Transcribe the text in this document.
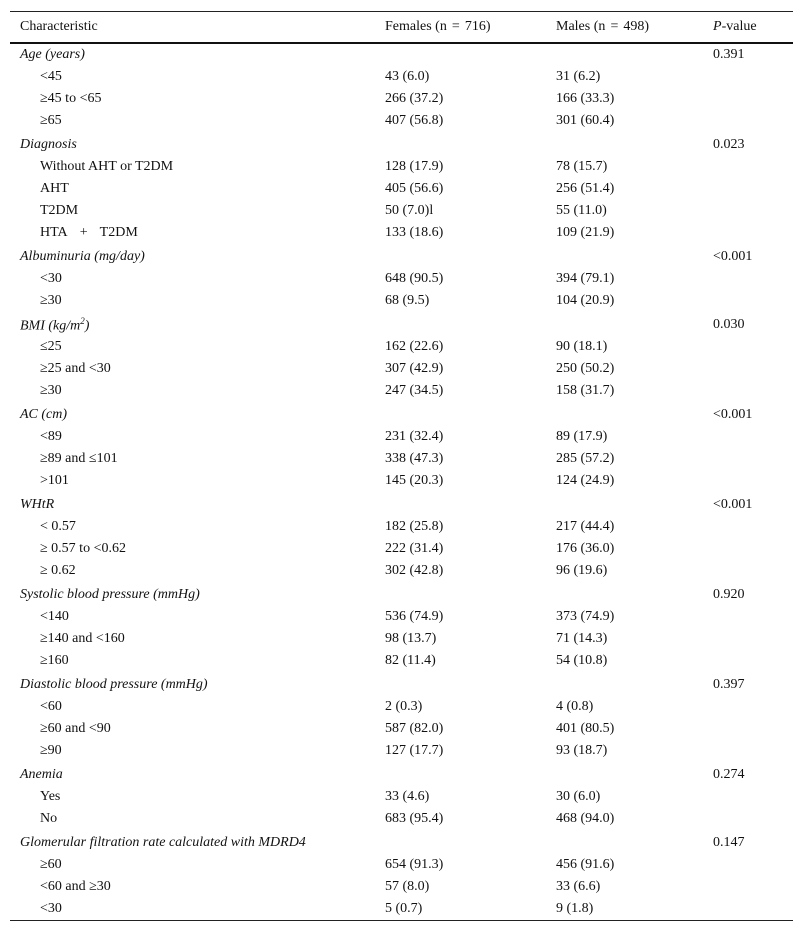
Characteristic	Females (n = 716)	Males (n = 498)	P-value
Age (years)			0.391
<45	43 (6.0)	31 (6.2)	
≥45 to <65	266 (37.2)	166 (33.3)	
≥65	407 (56.8)	301 (60.4)	
Diagnosis			0.023
Without AHT or T2DM	128 (17.9)	78 (15.7)	
AHT	405 (56.6)	256 (51.4)	
T2DM	50 (7.0)l	55 (11.0)	
HTA + T2DM	133 (18.6)	109 (21.9)	
Albuminuria (mg/day)			<0.001
<30	648 (90.5)	394 (79.1)	
≥30	68 (9.5)	104 (20.9)	
BMI $(kg/m^2)$			0.030
≤25	162 (22.6)	90 (18.1)	
≥25 and <30	307 (42.9)	250 (50.2)	
≥30	247 (34.5)	158 (31.7)	
AC (cm)			<0.001
<89	231 (32.4)	89 (17.9)	
≥89 and ≤101	338 (47.3)	285 (57.2)	
>101	145 (20.3)	124 (24.9)	
WHtR			<0.001
< 0.57	182 (25.8)	217 (44.4)	
≥ 0.57 to <0.62	222 (31.4)	176 (36.0)	
≥ 0.62	302 (42.8)	96 (19.6)	
Systolic blood pressure (mmHg)			0.920
<140	536 (74.9)	373 (74.9)	
≥140 and <160	98 (13.7)	71 (14.3)	
≥160	82 (11.4)	54 (10.8)	
Diastolic blood pressure (mmHg)			0.397
<60	2 (0.3)	4 (0.8)	
≥60 and <90	587 (82.0)	401 (80.5)	
≥90	127 (17.7)	93 (18.7)	
Anemia			0.274
Yes	33 (4.6)	30 (6.0)	
No	683 (95.4)	468 (94.0)	
Glomerular filtration rate calculated with MDRD4			0.147
≥60	654 (91.3)	456 (91.6)	
<60 and ≥30	57 (8.0)	33 (6.6)	
<30	5 (0.7)	9 (1.8)	
